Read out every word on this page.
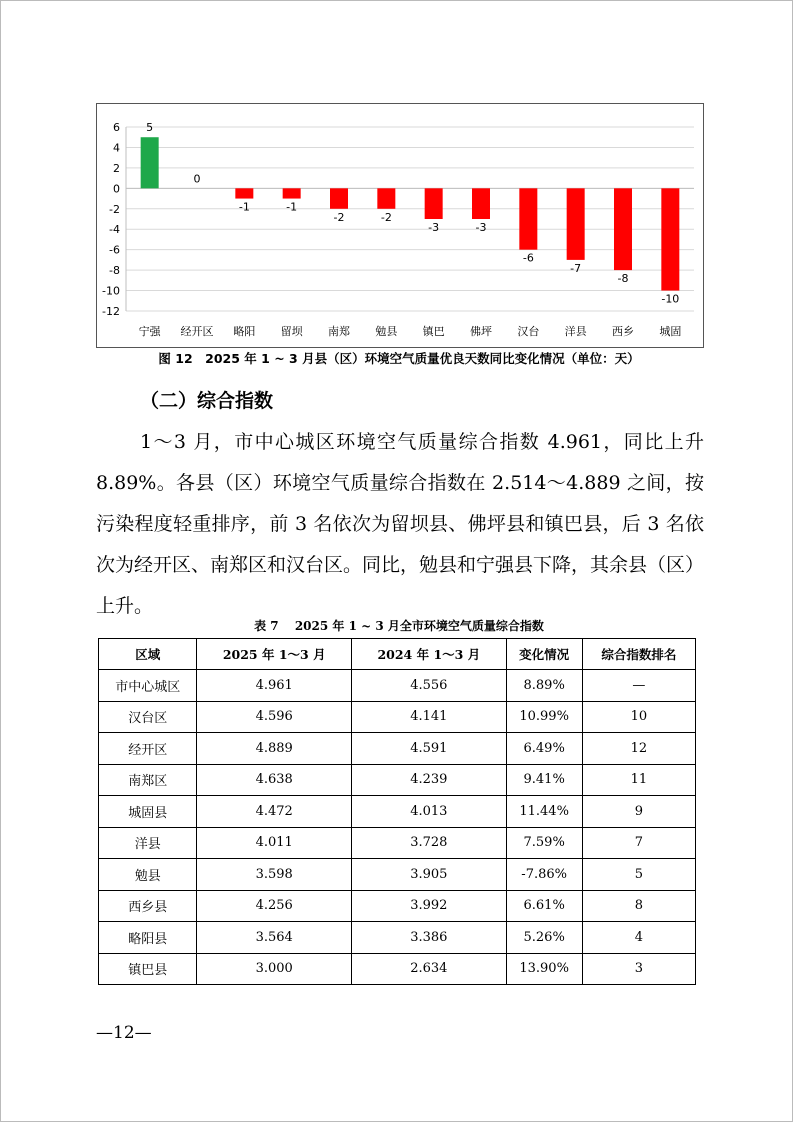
6
4
2
0
-2
-4
-6
-8
-10
-12
5
宁强
0
经开区
-1
略阳
-1
留坝
-2
南郑
-2
勉县
-3
镇巴
-3
佛坪
-6
汉台
-7
洋县
-8
西乡
-10
城固
图 12　2025 年 1 ~ 3 月县（区）环境空气质量优良天数同比变化情况（单位：天）
（二）综合指数

1～3 月，市中心城区环境空气质量综合指数 4.961，同比上升 8.89%。各县（区）环境空气质量综合指数在 2.514～4.889 之间，按污染程度轻重排序，前 3 名依次为留坝县、佛坪县和镇巴县，后 3 名依次为经开区、南郑区和汉台区。同比，勉县和宁强县下降，其余县（区）上升。

表 7　 2025 年 1 ~ 3 月全市环境空气质量综合指数
区域	2025 年 1～3 月	2024 年 1～3 月	变化情况	综合指数排名
市中心城区	4.961	4.556	8.89%	—
汉台区	4.596	4.141	10.99%	10
经开区	4.889	4.591	6.49%	12
南郑区	4.638	4.239	9.41%	11
城固县	4.472	4.013	11.44%	9
洋县	4.011	3.728	7.59%	7
勉县	3.598	3.905	-7.86%	5
西乡县	4.256	3.992	6.61%	8
略阳县	3.564	3.386	5.26%	4
镇巴县	3.000	2.634	13.90%	3
—12—
